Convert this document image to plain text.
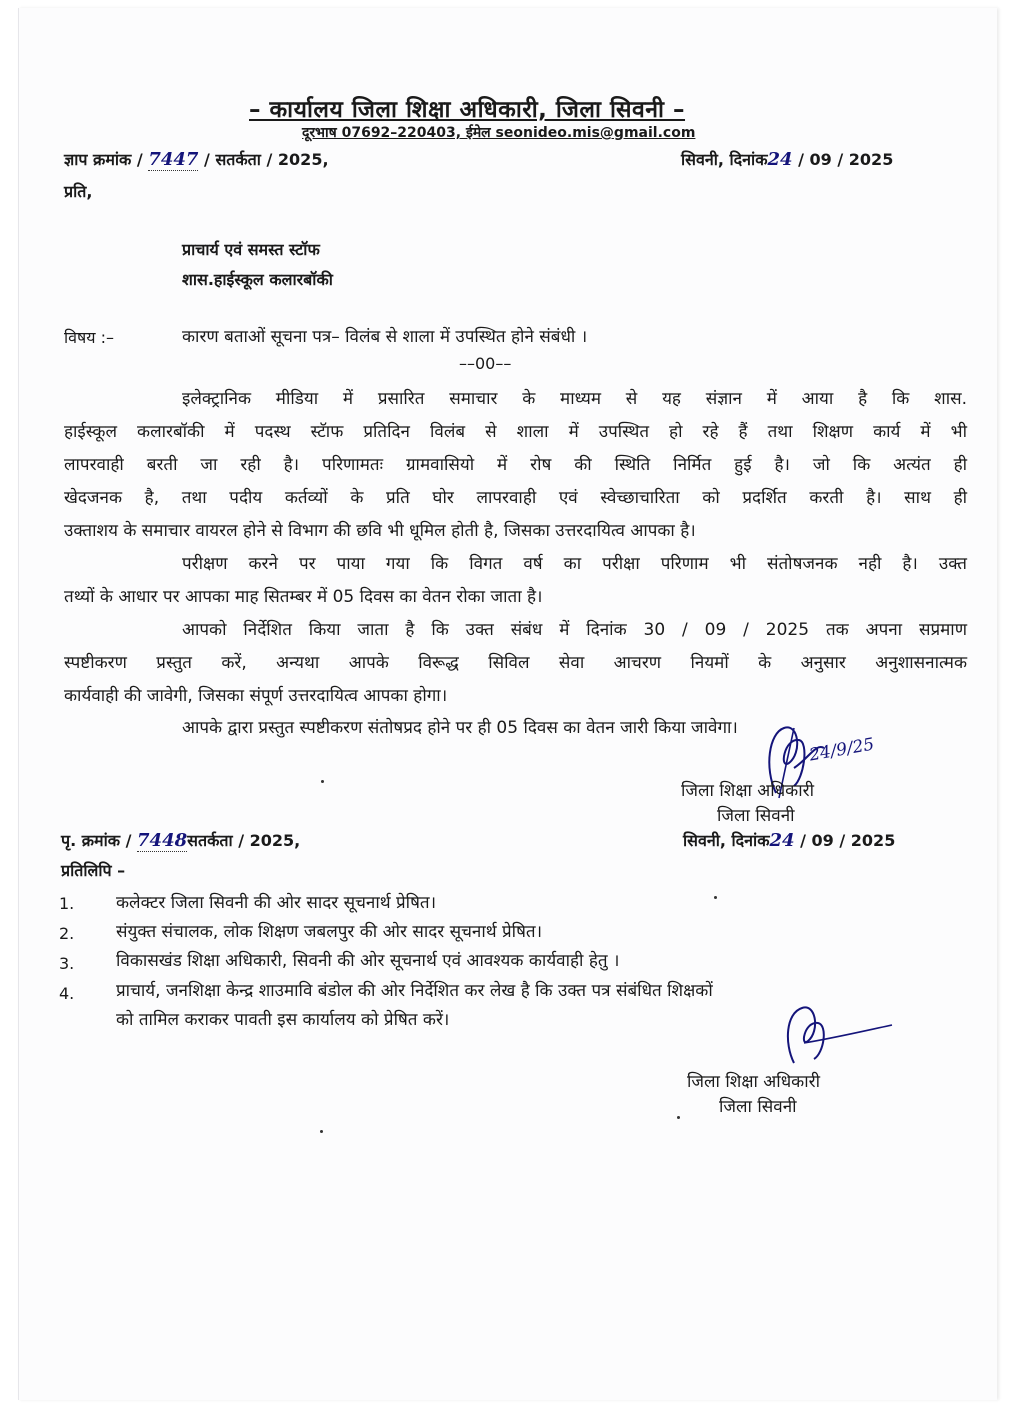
– कार्यालय जिला शिक्षा अधिकारी, जिला सिवनी –
दूरभाष 07692–220403, ईमेल seonideo.mis@gmail.com
ज्ञाप क्रमांक / 7447 / सतर्कता / 2025,	सिवनी, दिनांक24 / 09 / 2025
प्रति,
प्राचार्य एवं समस्त स्टॉफ
शास.हाईस्कूल कलारबॉकी
विषय :–	कारण बताओं सूचना पत्र– विलंब से शाला में उपस्थित होने संबंधी ।
––00––
इलेक्ट्रानिक मीडिया में प्रसारित समाचार के माध्यम से यह संज्ञान में आया है कि शास.
हाईस्कूल कलारबॉकी में पदस्थ स्टॅाफ प्रतिदिन विलंब से शाला में उपस्थित हो रहे हैं तथा शिक्षण कार्य में भी
लापरवाही बरती जा रही है। परिणामतः ग्रामवासियो में रोष की स्थिति निर्मित हुई है। जो कि अत्यंत ही
खेदजनक है, तथा पदीय कर्तव्यों के प्रति घोर लापरवाही एवं स्वेच्छाचारिता को प्रदर्शित करती है। साथ ही
उक्ताशय के समाचार वायरल होने से विभाग की छवि भी धूमिल होती है, जिसका उत्तरदायित्व आपका है।
परीक्षण करने पर पाया गया कि विगत वर्ष का परीक्षा परिणाम भी संतोषजनक नही है। उक्त
तथ्यों के आधार पर आपका माह सितम्बर में 05 दिवस का वेतन रोका जाता है।
आपको निर्देशित किया जाता है कि उक्त संबंध में दिनांक 30 / 09 / 2025 तक अपना सप्रमाण
स्पष्टीकरण प्रस्तुत करें, अन्यथा आपके विरूद्ध सिविल सेवा आचरण नियमों के अनुसार अनुशासनात्मक
कार्यवाही की जावेगी, जिसका संपूर्ण उत्तरदायित्व आपका होगा।
आपके द्वारा प्रस्तुत स्पष्टीकरण संतोषप्रद होने पर ही 05 दिवस का वेतन जारी किया जावेगा।
24/9/25
जिला शिक्षा अधिकारी
जिला सिवनी
पृ. क्रमांक / 7448सतर्कता / 2025,	सिवनी, दिनांक24 / 09 / 2025
प्रतिलिपि –
1. कलेक्टर जिला सिवनी की ओर सादर सूचनार्थ प्रेषित।
2. संयुक्त संचालक, लोक शिक्षण जबलपुर की ओर सादर सूचनार्थ प्रेषित।
3. विकासखंड शिक्षा अधिकारी, सिवनी की ओर सूचनार्थ एवं आवश्यक कार्यवाही हेतु ।
4. प्राचार्य, जनशिक्षा केन्द्र शाउमावि बंडोल की ओर निर्देशित कर लेख है कि उक्त पत्र संबंधित शिक्षकों
को तामिल कराकर पावती इस कार्यालय को प्रेषित करें।
जिला शिक्षा अधिकारी
जिला सिवनी
